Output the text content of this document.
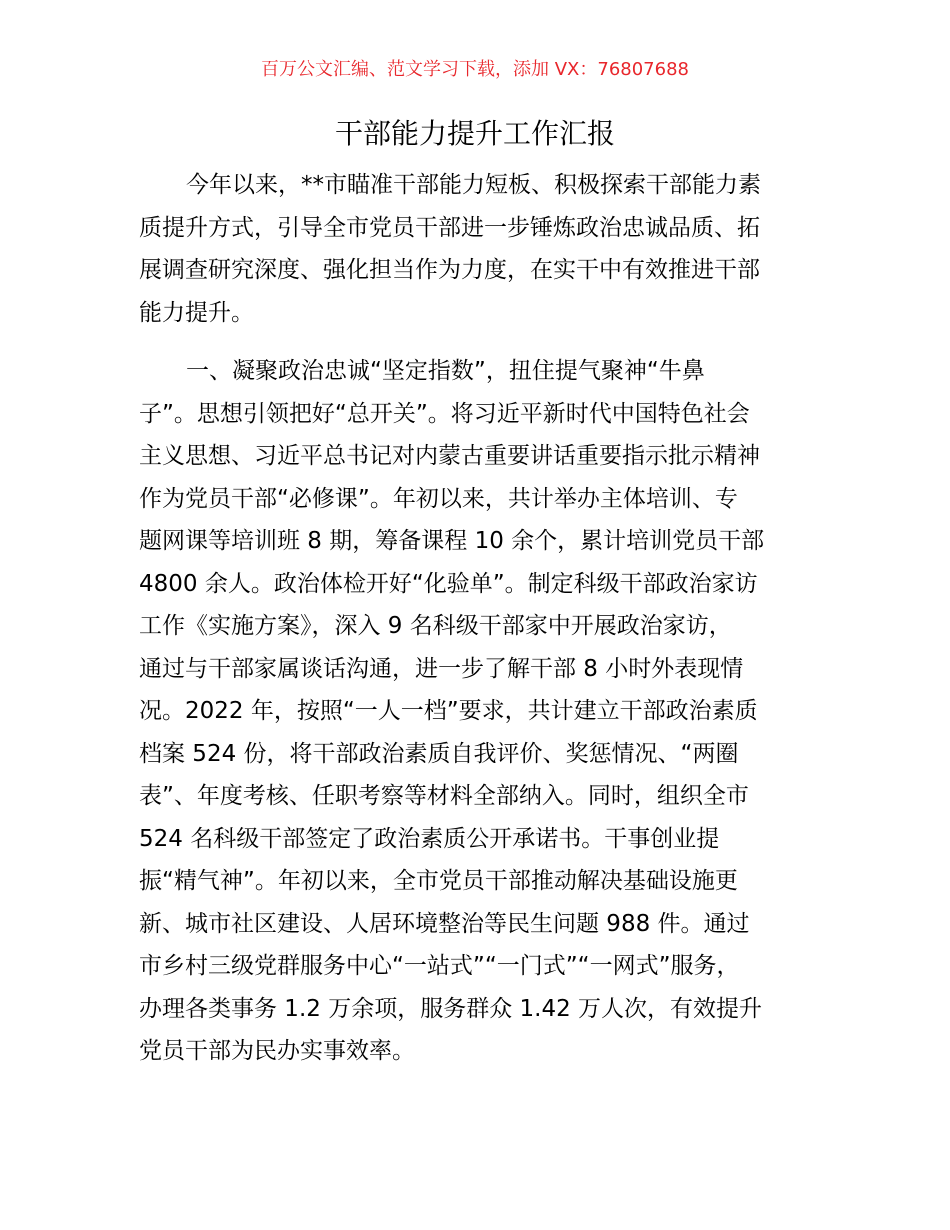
百万公文汇编、范文学习下载，添加 VX：76807688
干部能力提升工作汇报
今年以来，**市瞄准干部能力短板、积极探索干部能力素
质提升方式，引导全市党员干部进一步锤炼政治忠诚品质、拓
展调查研究深度、强化担当作为力度，在实干中有效推进干部
能力提升。
一、凝聚政治忠诚“坚定指数”，扭住提气聚神“牛鼻
子”。思想引领把好“总开关”。将习近平新时代中国特色社会
主义思想、习近平总书记对内蒙古重要讲话重要指示批示精神
作为党员干部“必修课”。年初以来，共计举办主体培训、专
题网课等培训班 8 期，筹备课程 10 余个，累计培训党员干部
4800 余人。政治体检开好“化验单”。制定科级干部政治家访
工作《实施方案》，深入 9 名科级干部家中开展政治家访，
通过与干部家属谈话沟通，进一步了解干部 8 小时外表现情
况。2022 年，按照“一人一档”要求，共计建立干部政治素质
档案 524 份，将干部政治素质自我评价、奖惩情况、“两圈
表”、年度考核、任职考察等材料全部纳入。同时，组织全市
524 名科级干部签定了政治素质公开承诺书。干事创业提
振“精气神”。年初以来，全市党员干部推动解决基础设施更
新、城市社区建设、人居环境整治等民生问题 988 件。通过
市乡村三级党群服务中心“一站式”“一门式”“一网式”服务，
办理各类事务 1.2 万余项，服务群众 1.42 万人次，有效提升
党员干部为民办实事效率。
